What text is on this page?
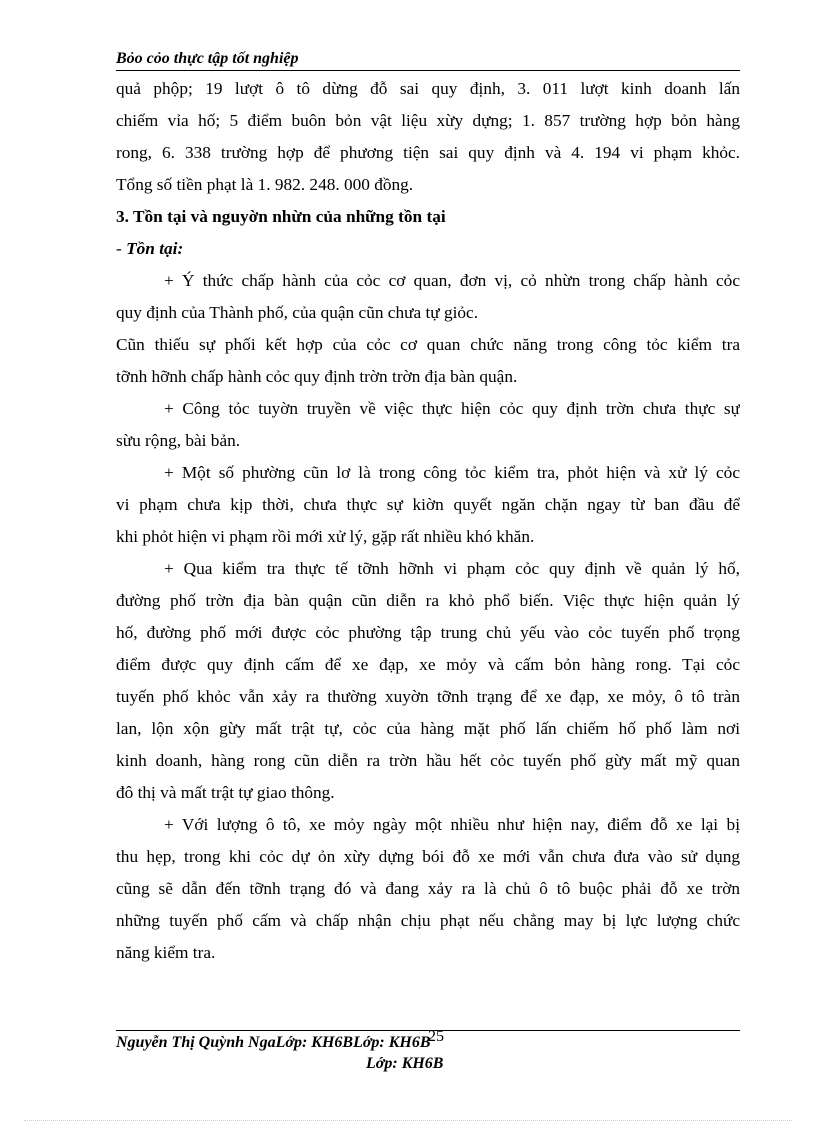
Bỏo cỏo thực tập tốt nghiệp
quả phộp; 19 lượt ô tô dừng đỗ sai quy định, 3. 011 lượt kinh doanh lấn
chiếm vỉa hố; 5 điểm buôn bỏn vật liệu xừy dựng; 1. 857 trường hợp bỏn hàng
rong, 6. 338 trường hợp để phương tiện sai quy định và 4. 194 vi phạm khỏc.
Tổng số tiền phạt là 1. 982. 248. 000 đồng.
3. Tồn tại và nguyờn nhừn của những tồn tại
- Tồn tại:
+ Ý thức chấp hành của cỏc cơ quan, đơn vị, cỏ nhừn trong chấp hành cỏc
quy định của Thành phố, của quận cũn chưa tự giỏc.
Cũn thiếu sự phối kết hợp của cỏc cơ quan chức năng trong công tỏc kiểm tra
tỡnh hỡnh chấp hành cỏc quy định trờn trờn địa bàn quận.
+ Công tỏc tuyờn truyền về việc thực hiện cỏc quy định trờn chưa thực sự
sừu rộng, bài bản.
+ Một số phường cũn lơ là trong công tỏc kiểm tra, phỏt hiện và xử lý cỏc
vi phạm chưa kịp thời, chưa thực sự kiờn quyết ngăn chặn ngay từ ban đầu để
khi phỏt hiện vi phạm rồi mới xử lý, gặp rất nhiều khó khăn.
+ Qua kiểm tra thực tế tỡnh hỡnh vi phạm cỏc quy định về quản lý hố,
đường phố trờn địa bàn quận cũn diễn ra khỏ phổ biến. Việc thực hiện quản lý
hố, đường phố mới được cỏc phường tập trung chủ yếu vào cỏc tuyến phố trọng
điểm được quy định cấm để xe đạp, xe mỏy và cấm bỏn hàng rong. Tại cỏc
tuyến phố khỏc vẫn xảy ra thường xuyờn tỡnh trạng để xe đạp, xe mỏy, ô tô tràn
lan, lộn xộn gừy mất trật tự, cỏc của hàng mặt phố lấn chiếm hố phố làm nơi
kinh doanh, hàng rong cũn diễn ra trờn hầu hết cỏc tuyến phố gừy mất mỹ quan
đô thị và mất trật tự giao thông.
+ Với lượng ô tô, xe mỏy ngày một nhiều như hiện nay, điểm đỗ xe lại bị
thu hẹp, trong khi cỏc dự ỏn xừy dựng bói đỗ xe mới vẫn chưa đưa vào sử dụng
cũng sẽ dẫn đến tỡnh trạng đó và đang xảy ra là chủ ô tô buộc phải đỗ xe trờn
những tuyến phố cấm và chấp nhận chịu phạt nếu chẳng may bị lực lượng chức
năng kiểm tra.
Nguyễn Thị Quỳnh NgaLớp: KH6BLớp: KH6B
25
Lớp: KH6B
